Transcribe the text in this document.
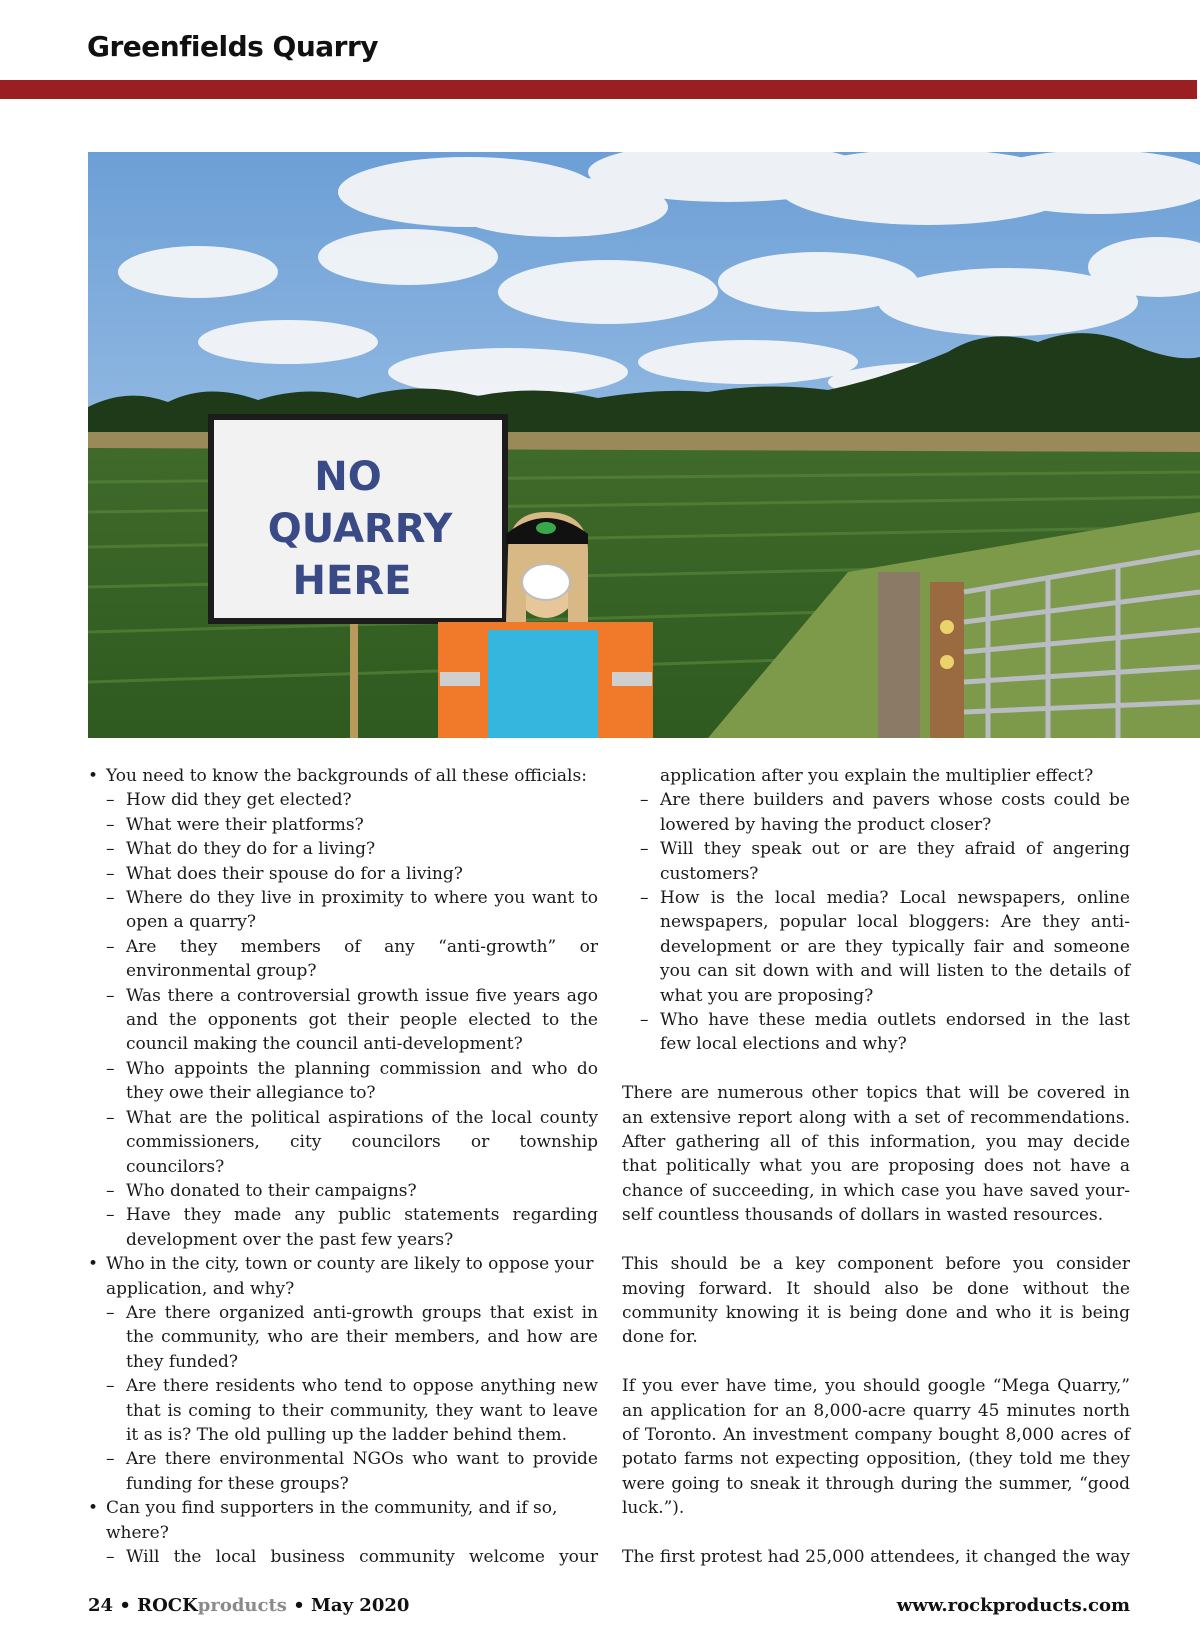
Greenfields Quarry
NO
QUARRY
HERE
• You need to know the backgrounds of all these officials:
– How did they get elected?
– What were their platforms?
– What do they do for a living?
– What does their spouse do for a living?
– Where do they live in proximity to where you want to open a quarry?
– Are they members of any “anti-growth” or environmental group?
– Was there a controversial growth issue five years ago and the opponents got their people elected to the council making the council anti-development?
– Who appoints the planning commission and who do they owe their allegiance to?
– What are the political aspirations of the local county commissioners, city councilors or township councilors?
– Who donated to their campaigns?
– Have they made any public statements regarding development over the past few years?
• Who in the city, town or county are likely to oppose your application, and why?
– Are there organized anti-growth groups that exist in the community, who are their members, and how are they funded?
– Are there residents who tend to oppose anything new that is coming to their community, they want to leave it as is? The old pulling up the ladder behind them.
– Are there environmental NGOs who want to provide funding for these groups?
• Can you find supporters in the community, and if so, where?
– Will the local business community welcome your
application after you explain the multiplier effect?
– Are there builders and pavers whose costs could be lowered by having the product closer?
– Will they speak out or are they afraid of angering customers?
– How is the local media? Local newspapers, online newspapers, popular local bloggers: Are they anti-development or are they typically fair and someone you can sit down with and will listen to the details of what you are proposing?
– Who have these media outlets endorsed in the last few local elections and why?

There are numerous other topics that will be covered in an extensive report along with a set of recommendations. After gathering all of this information, you may decide that politically what you are proposing does not have a chance of succeeding, in which case you have saved your-self countless thousands of dollars in wasted resources.

This should be a key component before you consider moving forward. It should also be done without the community knowing it is being done and who it is being done for.

If you ever have time, you should google “Mega Quarry,” an application for an 8,000-acre quarry 45 minutes north of Toronto. An investment company bought 8,000 acres of potato farms not expecting opposition, (they told me they were going to sneak it through during the summer, “good luck.”).

The first protest had 25,000 attendees, it changed the way

24 • ROCKproducts • May 2020	www.rockproducts.com
